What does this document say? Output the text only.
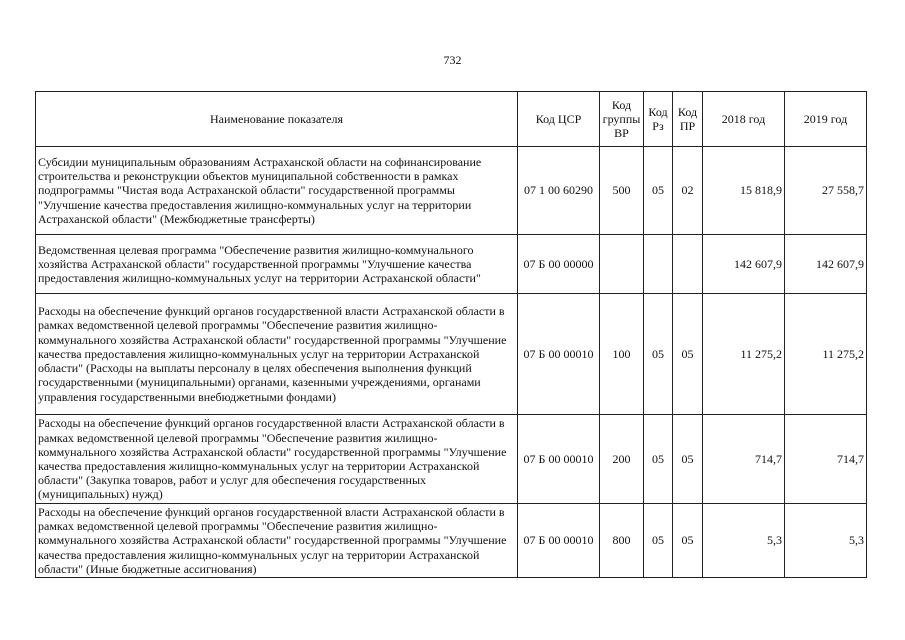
732
Наименование показателя	Код ЦСР	Код группы ВР	Код Рз	Код ПР	2018 год	2019 год
Субсидии муниципальным образованиям Астраханской области на софинансирование строительства и реконструкции объектов муниципальной собственности в рамках подпрограммы "Чистая вода Астраханской области" государственной программы "Улучшение качества предоставления жилищно-коммунальных услуг на территории Астраханской области" (Межбюджетные трансферты)	07 1 00 60290	500	05	02	15 818,9	27 558,7
Ведомственная целевая программа "Обеспечение развития жилищно-коммунального хозяйства Астраханской области" государственной программы "Улучшение качества предоставления жилищно-коммунальных услуг на территории Астраханской области"	07 Б 00 00000				142 607,9	142 607,9
Расходы на обеспечение функций органов государственной власти Астраханской области в рамках ведомственной целевой программы "Обеспечение развития жилищно-коммунального хозяйства Астраханской области" государственной программы "Улучшение качества предоставления жилищно-коммунальных услуг на территории Астраханской области" (Расходы на выплаты персоналу в целях обеспечения выполнения функций государственными (муниципальными) органами, казенными учреждениями, органами управления государственными внебюджетными фондами)	07 Б 00 00010	100	05	05	11 275,2	11 275,2
Расходы на обеспечение функций органов государственной власти Астраханской области в рамках ведомственной целевой программы "Обеспечение развития жилищно-коммунального хозяйства Астраханской области" государственной программы "Улучшение качества предоставления жилищно-коммунальных услуг на территории Астраханской области" (Закупка товаров, работ и услуг для обеспечения государственных (муниципальных) нужд)	07 Б 00 00010	200	05	05	714,7	714,7
Расходы на обеспечение функций органов государственной власти Астраханской области в рамках ведомственной целевой программы "Обеспечение развития жилищно-коммунального хозяйства Астраханской области" государственной программы "Улучшение качества предоставления жилищно-коммунальных услуг на территории Астраханской области" (Иные бюджетные ассигнования)	07 Б 00 00010	800	05	05	5,3	5,3
